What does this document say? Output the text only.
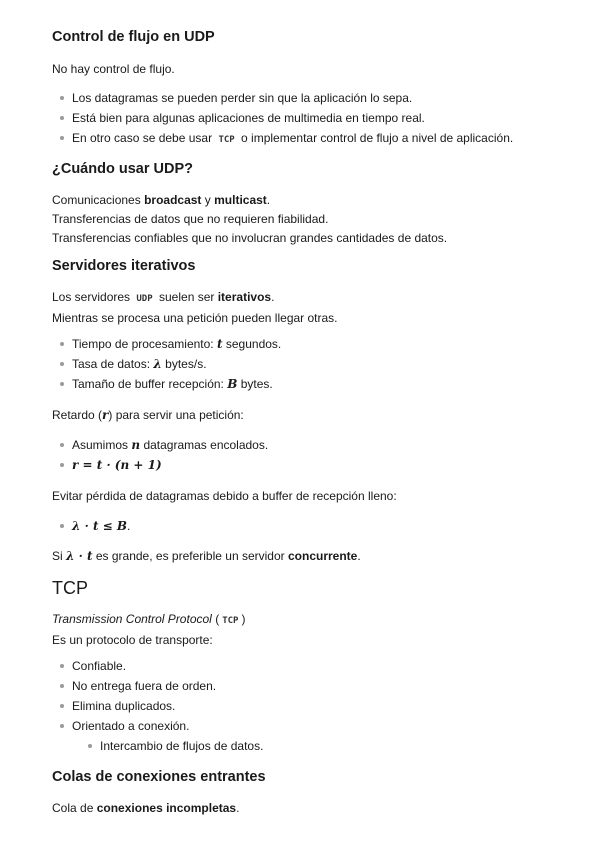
Control de flujo en UDP

No hay control de flujo.

Los datagramas se pueden perder sin que la aplicación lo sepa.
Está bien para algunas aplicaciones de multimedia en tiempo real.
En otro caso se debe usar TCP o implementar control de flujo a nivel de aplicación.
¿Cuándo usar UDP?

Comunicaciones broadcast y multicast.
Transferencias de datos que no requieren fiabilidad.
Transferencias confiables que no involucran grandes cantidades de datos.

Servidores iterativos

Los servidores UDP suelen ser iterativos.
Mientras se procesa una petición pueden llegar otras.

Tiempo de procesamiento: t segundos.
Tasa de datos: λ bytes/s.
Tamaño de buffer recepción: B bytes.

Retardo (r) para servir una petición:

Asumimos n datagramas encolados.
r = t · (n + 1)

Evitar pérdida de datagramas debido a buffer de recepción lleno:

λ · t ≤ B.

Si λ · t es grande, es preferible un servidor concurrente.

TCP

Transmission Control Protocol ( TCP )
Es un protocolo de transporte:

Confiable.
No entrega fuera de orden.
Elimina duplicados.
Orientado a conexión.
Intercambio de flujos de datos.
Colas de conexiones entrantes

Cola de conexiones incompletas.
